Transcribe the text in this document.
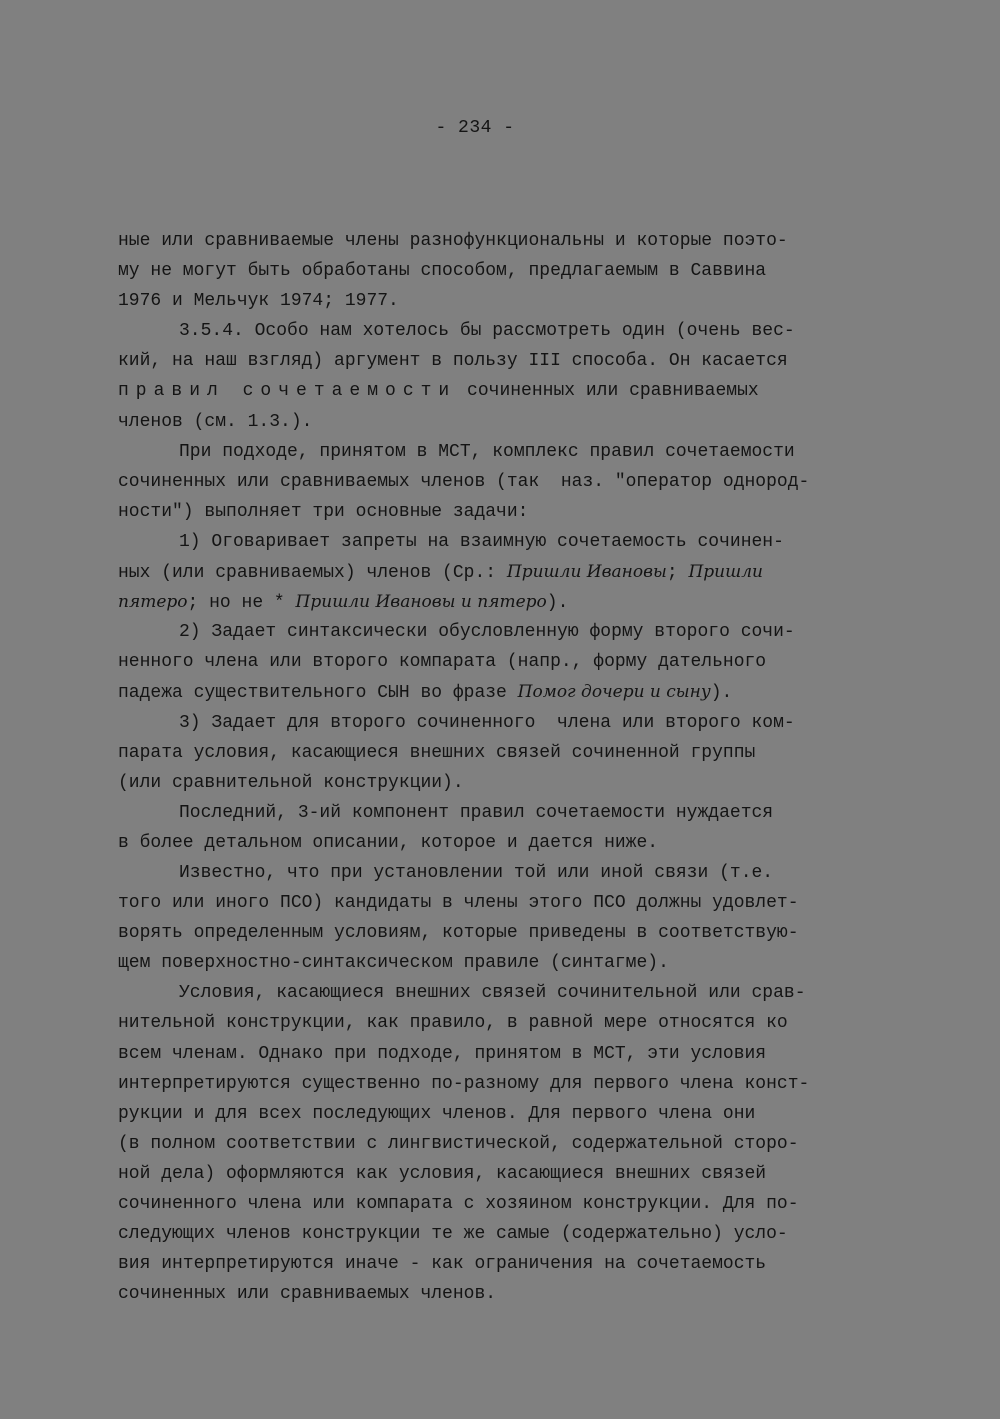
- 234 -
ные или сравниваемые члены разнофункциональны и которые поэто-
му не могут быть обработаны способом, предлагаемым в Саввина
1976 и Мельчук 1974; 1977.
3.5.4. Особо нам хотелось бы рассмотреть один (очень вес-
кий, на наш взгляд) аргумент в пользу III способа. Он касается
правил сочетаемости сочиненных или сравниваемых
членов (см. 1.3.).
При подходе, принятом в МСТ, комплекс правил сочетаемости
сочиненных или сравниваемых членов (так  наз. "оператор однород-
ности") выполняет три основные задачи:
1) Оговаривает запреты на взаимную сочетаемость сочинен-
ных (или сравниваемых) членов (Ср.: Пришли Ивановы; Пришли
пятеро; но не * Пришли Ивановы и пятеро).
2) Задает синтаксически обусловленную форму второго сочи-
ненного члена или второго компарата (напр., форму дательного
падежа существительного СЫН во фразе Помог дочери и сыну).
3) Задает для второго сочиненного  члена или второго ком-
парата условия, касающиеся внешних связей сочиненной группы
(или сравнительной конструкции).
Последний, 3-ий компонент правил сочетаемости нуждается
в более детальном описании, которое и дается ниже.
Известно, что при установлении той или иной связи (т.е.
того или иного ПСО) кандидаты в члены этого ПСО должны удовлет-
ворять определенным условиям, которые приведены в соответствую-
щем поверхностно-синтаксическом правиле (синтагме).
Условия, касающиеся внешних связей сочинительной или срав-
нительной конструкции, как правило, в равной мере относятся ко
всем членам. Однако при подходе, принятом в МСТ, эти условия
интерпретируются существенно по-разному для первого члена конст-
рукции и для всех последующих членов. Для первого члена они
(в полном соответствии с лингвистической, содержательной сторо-
ной дела) оформляются как условия, касающиеся внешних связей
сочиненного члена или компарата с хозяином конструкции. Для по-
следующих членов конструкции те же самые (содержательно) усло-
вия интерпретируются иначе - как ограничения на сочетаемость
сочиненных или сравниваемых членов.
